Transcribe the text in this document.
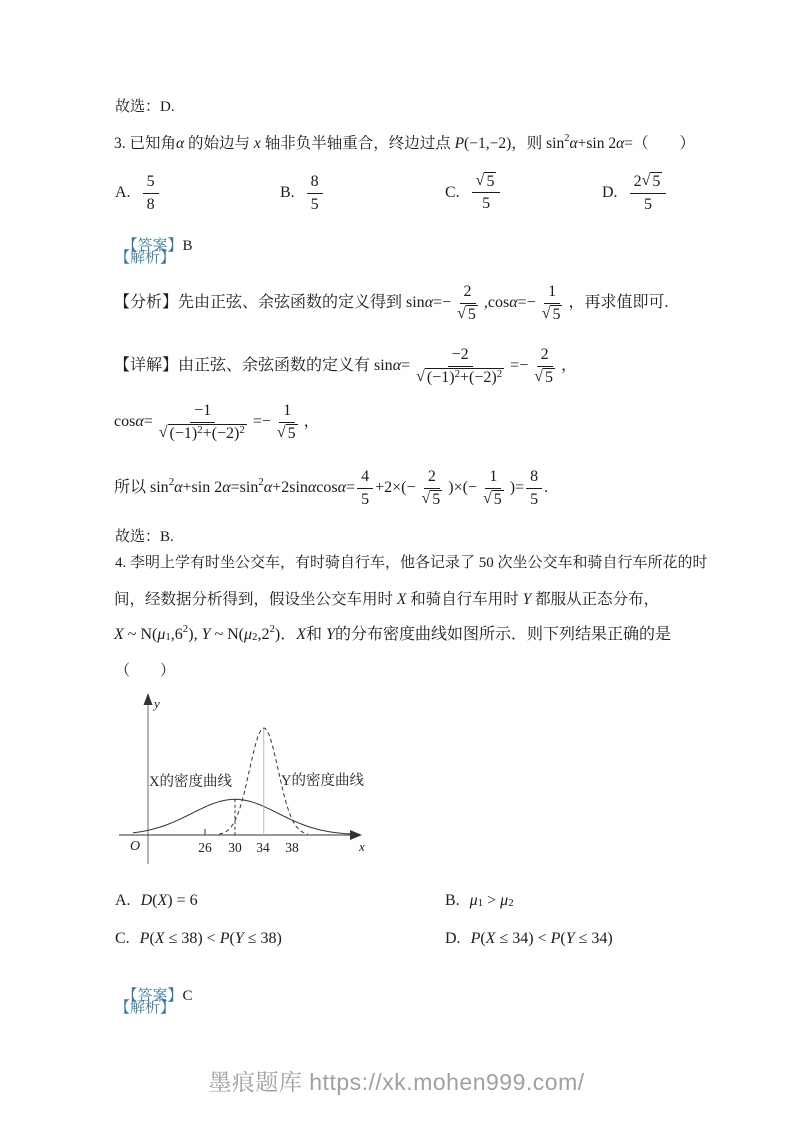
故选：D.
3. 已知角 α 的始边与 x 轴非负半轴重合，终边过点 P (−1,−2)，则 sin 2 α +sin 2 α =（　　）
A.
5
8
B.
8
5
C.
√ 5
5
D.
2 √ 5
5

【答案】B

【解析】
【分析】先由正弦、余弦函数的定义得到 $\sin \alpha =- \frac{2}{√ 5} ,\cos$ $\alpha =- \frac{1}{√ 5}$ ，再求值即可.
【详解】由正弦、余弦函数的定义有 $\sin \alpha = \frac{-2}{√ (-1)^2+(-2)^2} =- \frac{2}{√ 5}$ ，
$\cos \alpha = \frac{-1}{√ (-1)^2+(-2)^2} =- \frac{1}{√ 5}$ ，
所以 sin 2 α +sin 2 α =sin 2 α +2sin α $\cos \alpha = \frac{4}{5} +2\times(- \frac{2}{√ 5}$ )×(− $\frac{1}{√ 5}$ )= $\frac{8}{5}$ .
故选：B.
4. 李明上学有时坐公交车，有时骑自行车，他各记录了 50 次坐公交车和骑自行车所花的时
间，经数据分析得到，假设坐公交车用时 X 和骑自行车用时 Y 都服从正态分布，
X ~ N( μ 1 ,6 2 ), Y ~ N( μ 2 ,2 2 )． X 和 Y 的分布密度曲线如图所示．则下列结果正确的是
（　　）
y
x
O	26 30 34 38
X的密度曲线	Y的密度曲线
A. D ( X ) = 6	B. μ 1 > μ 2
C. P ( X ≤ 38) < P ( Y ≤ 38)	D. P ( X ≤ 34) < P ( Y ≤ 34)

【答案】C

【解析】
墨痕题库 https://xk.mohen999.com/
